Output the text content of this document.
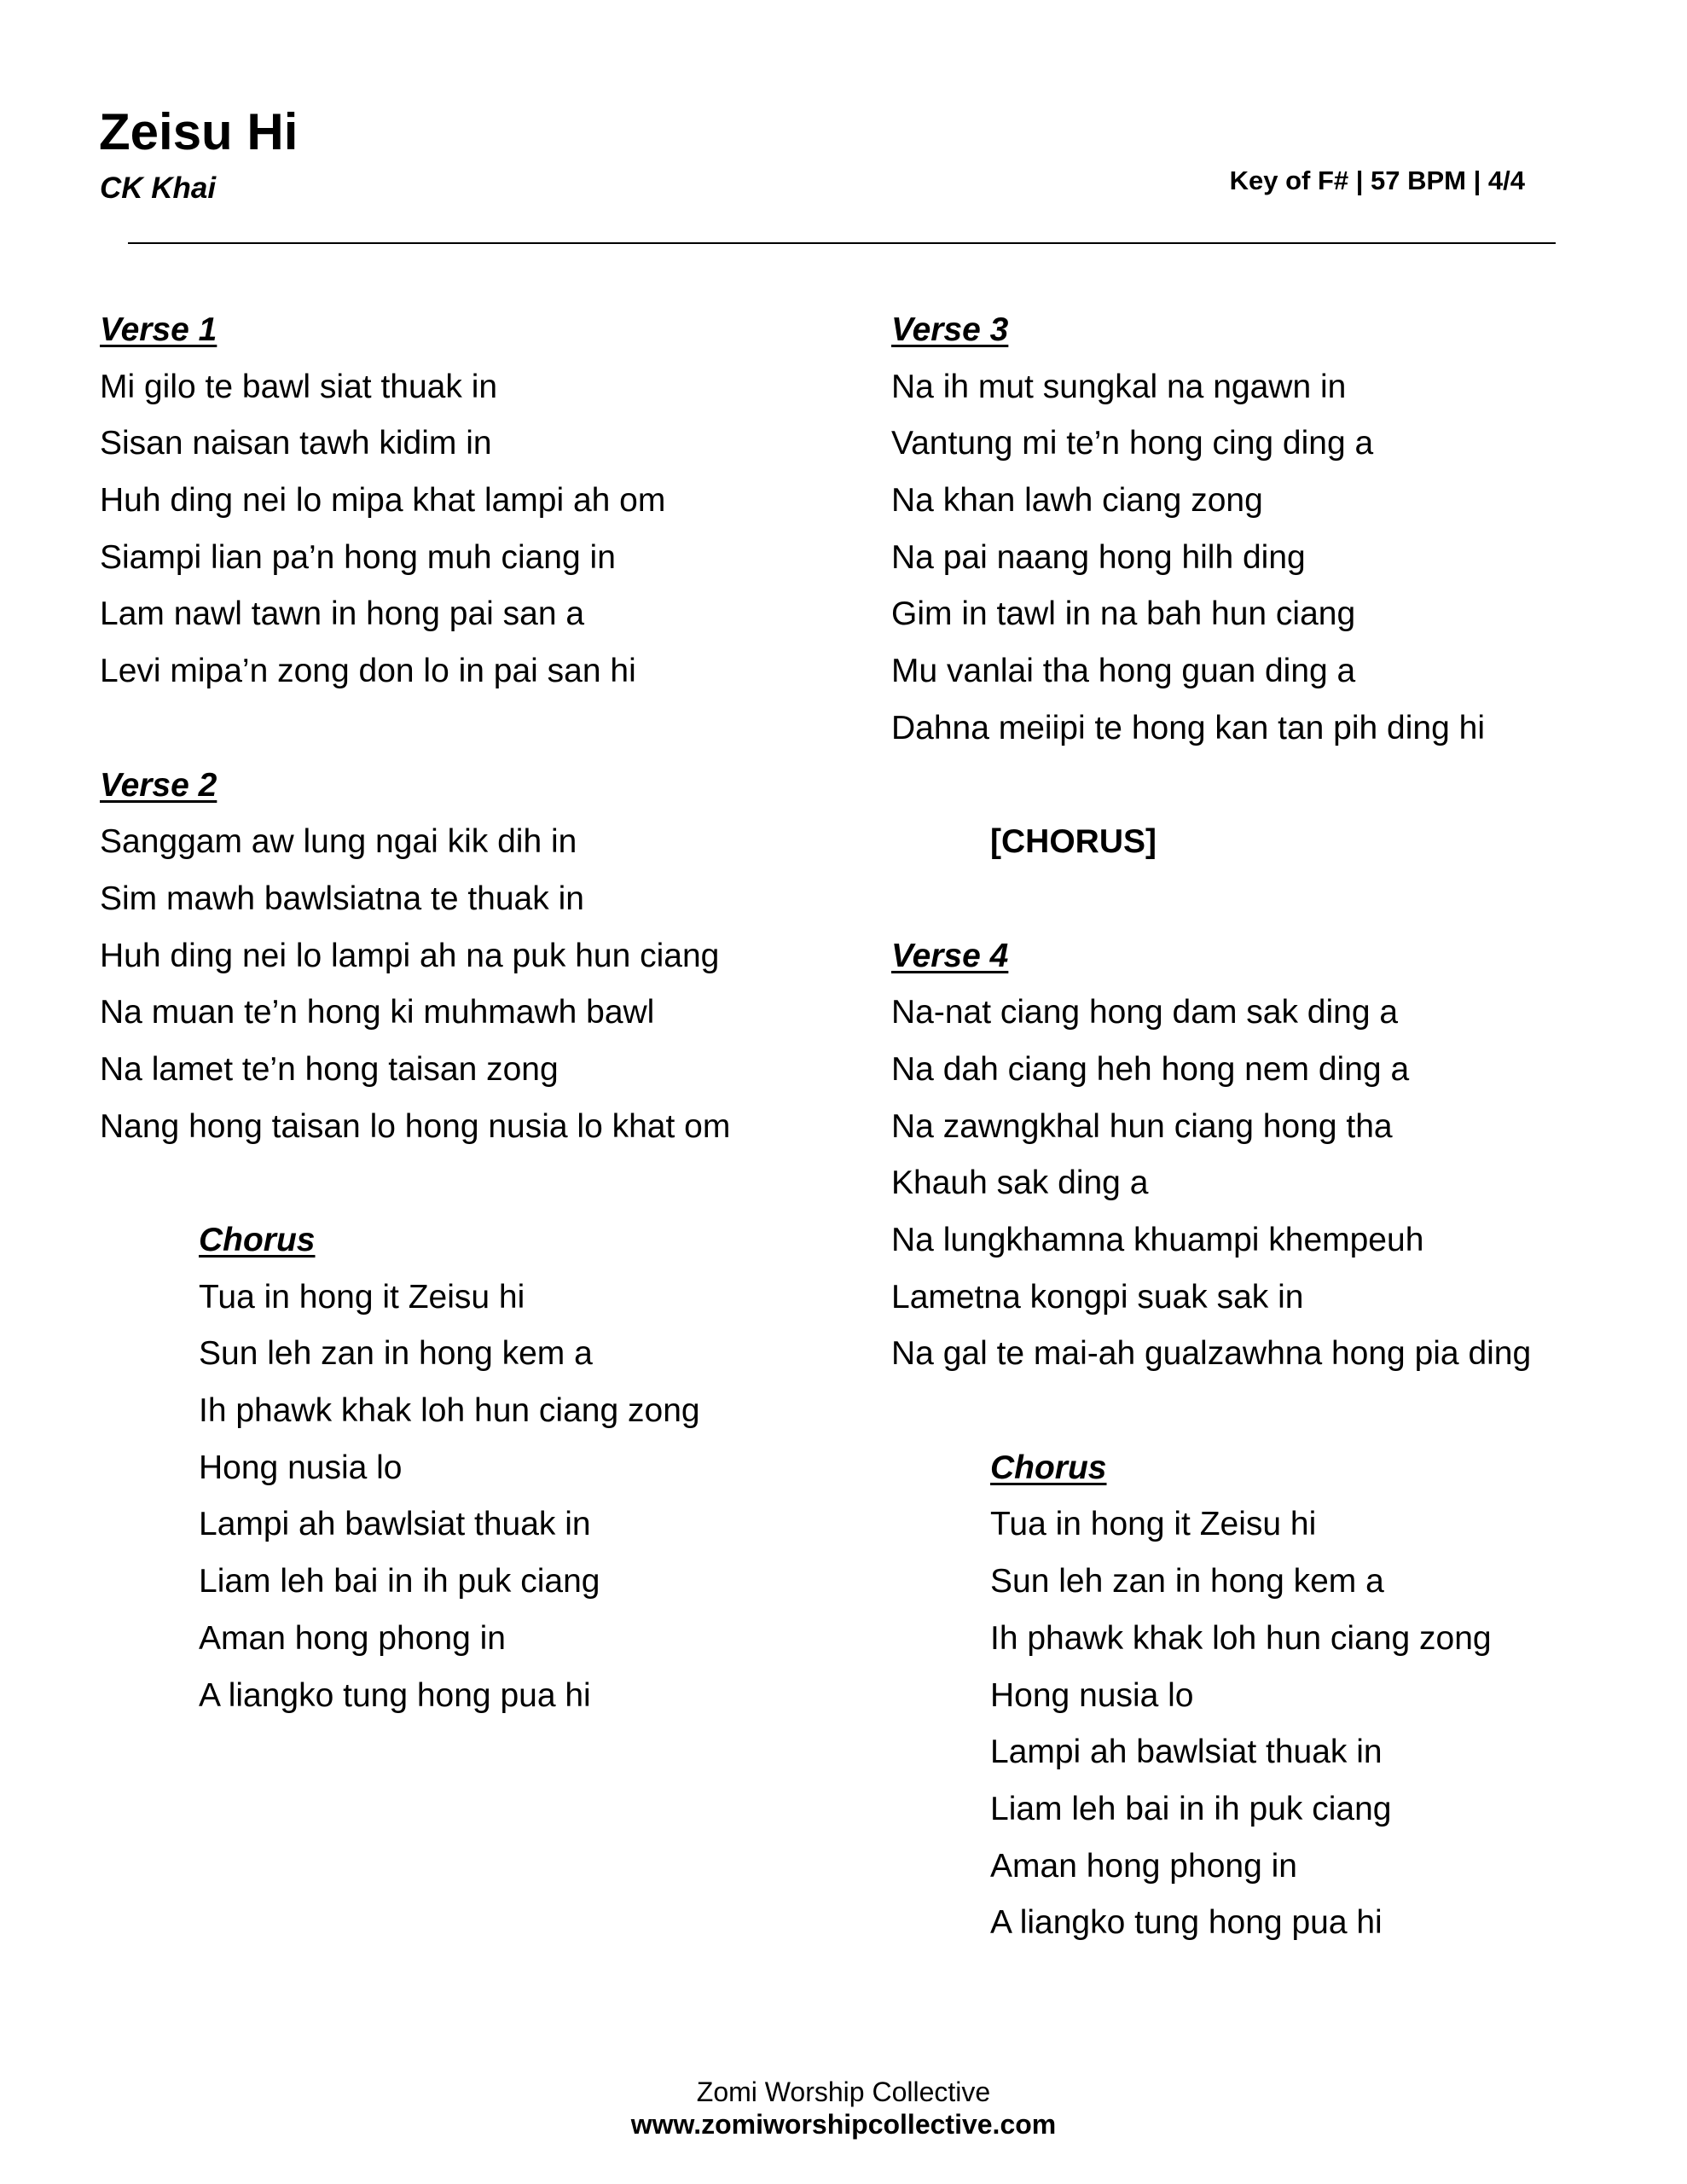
Zeisu Hi
CK Khai	Key of F# | 57 BPM | 4/4
Verse 1
Mi gilo te bawl siat thuak in
Sisan naisan tawh kidim in
Huh ding nei lo mipa khat lampi ah om
Siampi lian pa’n hong muh ciang in
Lam nawl tawn in hong pai san a
Levi mipa’n zong don lo in pai san hi
Verse 2
Sanggam aw lung ngai kik dih in
Sim mawh bawlsiatna te thuak in
Huh ding nei lo lampi ah na puk hun ciang
Na muan te’n hong ki muhmawh bawl
Na lamet te’n hong taisan zong
Nang hong taisan lo hong nusia lo khat om
Chorus
Tua in hong it Zeisu hi
Sun leh zan in hong kem a
Ih phawk khak loh hun ciang zong
Hong nusia lo
Lampi ah bawlsiat thuak in
Liam leh bai in ih puk ciang
Aman hong phong in
A liangko tung hong pua hi
Verse 3
Na ih mut sungkal na ngawn in
Vantung mi te’n hong cing ding a
Na khan lawh ciang zong
Na pai naang hong hilh ding
Gim in tawl in na bah hun ciang
Mu vanlai tha hong guan ding a
Dahna meiipi te hong kan tan pih ding hi
[CHORUS]
Verse 4
Na-nat ciang hong dam sak ding a
Na dah ciang heh hong nem ding a
Na zawngkhal hun ciang hong tha
Khauh sak ding a
Na lungkhamna khuampi khempeuh
Lametna kongpi suak sak in
Na gal te mai-ah gualzawhna hong pia ding
Chorus
Tua in hong it Zeisu hi
Sun leh zan in hong kem a
Ih phawk khak loh hun ciang zong
Hong nusia lo
Lampi ah bawlsiat thuak in
Liam leh bai in ih puk ciang
Aman hong phong in
A liangko tung hong pua hi
Zomi Worship Collective
www.zomiworshipcollective.com
